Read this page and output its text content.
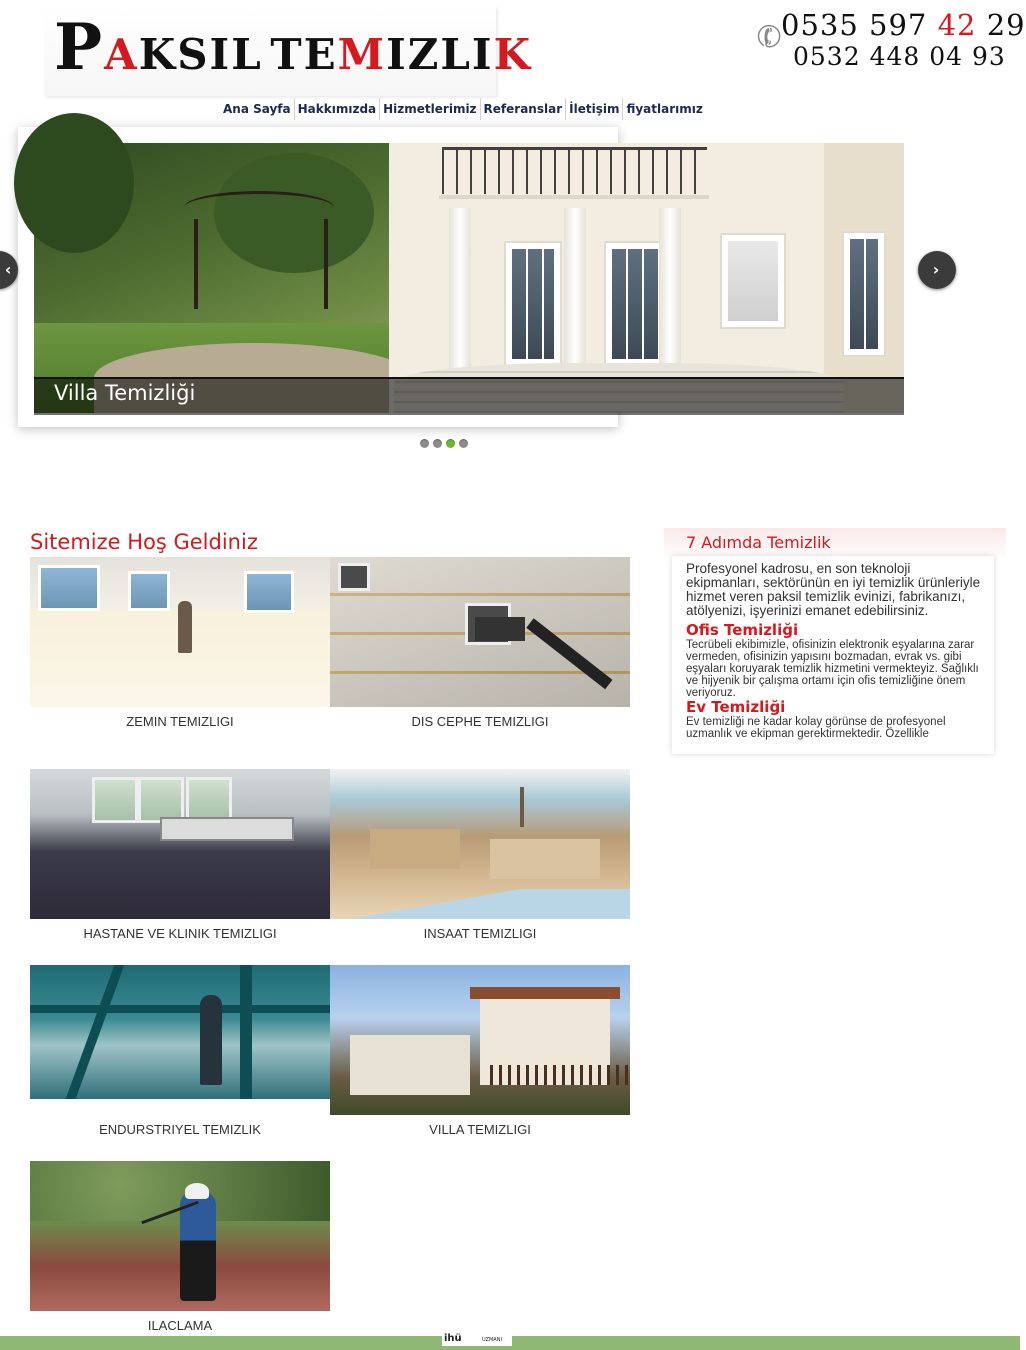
PAKSIL TEMIZLIK	✆
0535 597 42 29
0532 448 04 93
Ana Sayfa Hakkımızda Hizmetlerimiz Referanslar İletişim fiyatlarımız
Villa Temizliği
‹	›
Sitemize Hoş Geldiniz
ZEMIN TEMIZLIGI	DIS CEPHE TEMIZLIGI
HASTANE VE KLINIK TEMIZLIGI	INSAAT TEMIZLIGI
ENDURSTRIYEL TEMIZLIK	VILLA TEMIZLIGI
ILACLAMA
7 Adımda Temizlik

Profesyonel kadrosu, en son teknoloji ekipmanları, sektörünün en iyi temizlik ürünleriyle hizmet veren paksil temizlik evinizi, fabrikanızı, atölyenizi, işyerinizi emanet edebilirsiniz.

Ofis Temizliği

Tecrübeli ekibimizle, ofisinizin elektronik eşyalarına zarar vermeden, ofisinizin yapısını bozmadan, evrak vs. gibi eşyaları koruyarak temizlik hizmetini vermekteyiz. Sağlıklı ve hijyenik bir çalışma ortamı için ofis temizliğine önem veriyoruz.

Ev Temizliği

Ev temizliği ne kadar kolay görünse de profesyonel uzmanlık ve ekipman gerektirmektedir. Özellikle

ihü	UZMANI
